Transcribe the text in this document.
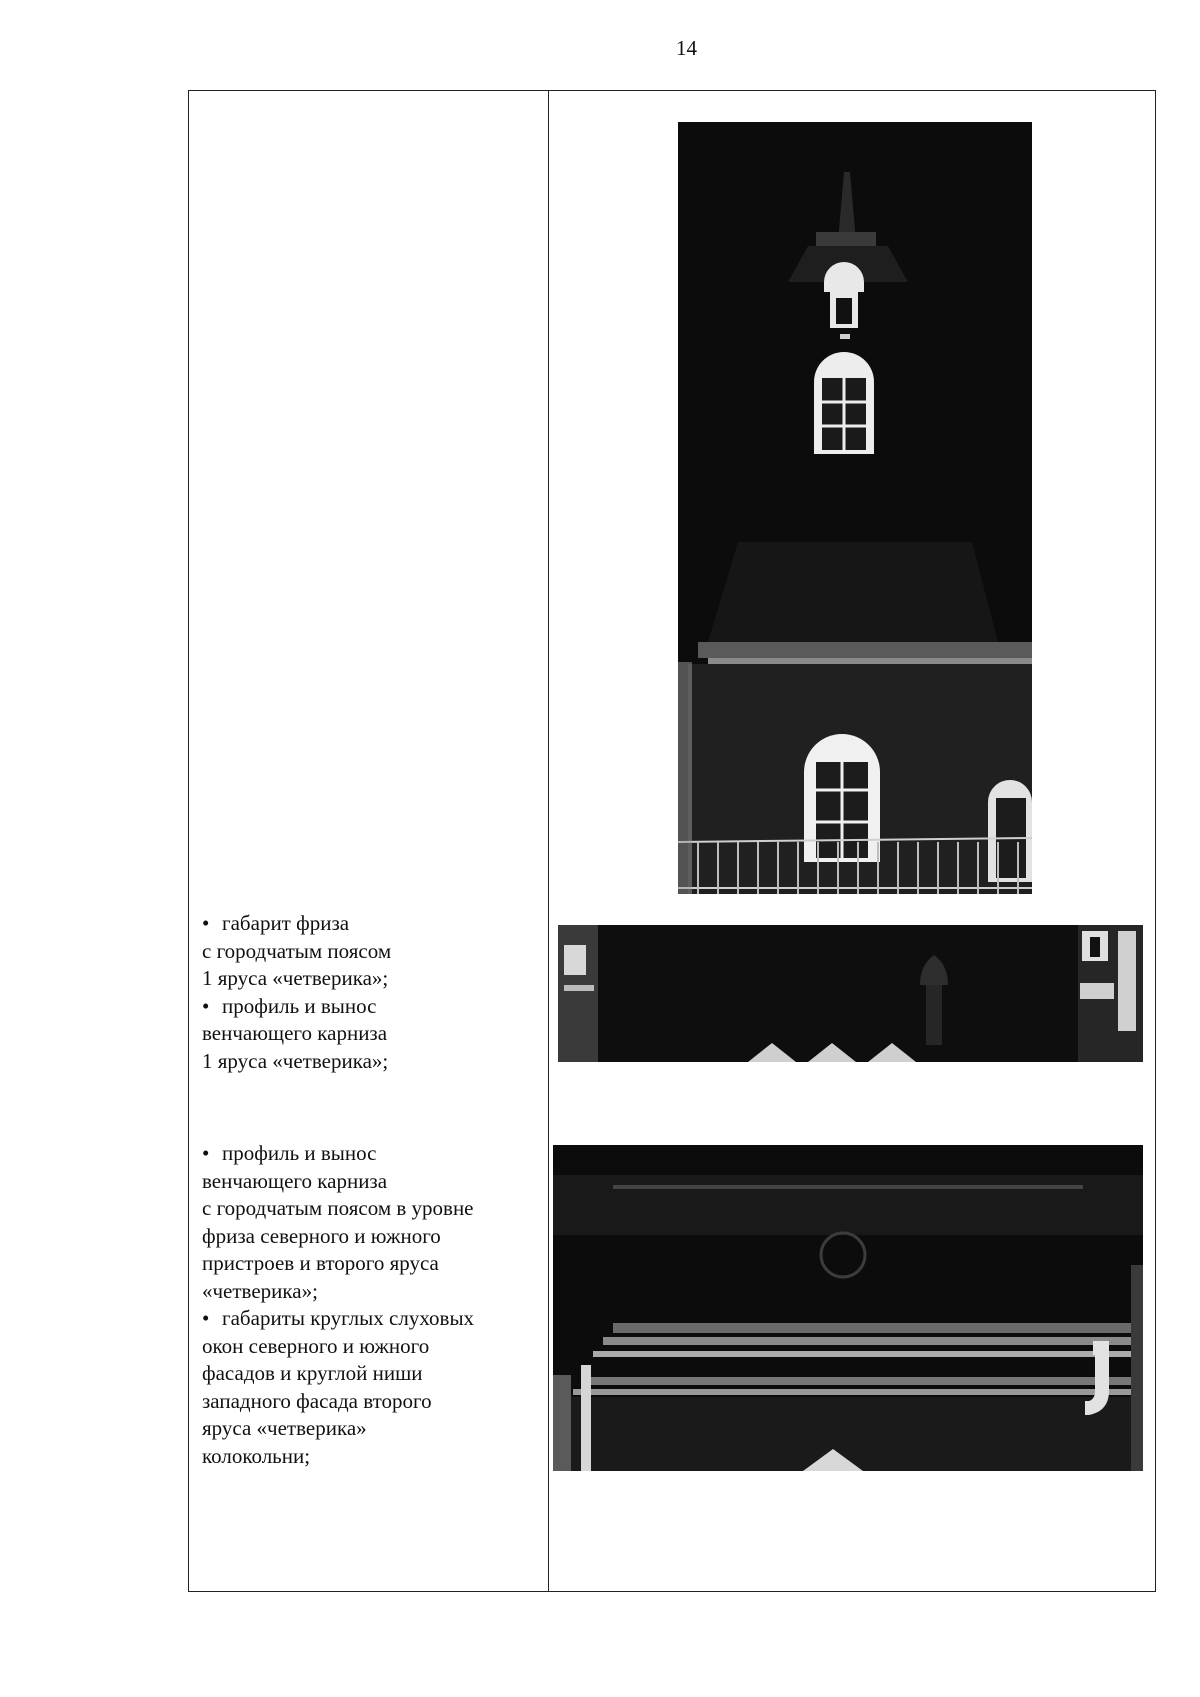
14

• габарит фриза

с городчатым поясом

1 яруса «четверика»;

• профиль и вынос

венчающего карниза

1 яруса «четверика»;

• профиль и вынос

венчающего карниза

с городчатым поясом в уровне

фриза северного и южного

пристроев и второго яруса

«четверика»;

• габариты круглых слуховых

окон северного и южного

фасадов и круглой ниши

западного фасада второго

яруса «четверика»

колокольни;
